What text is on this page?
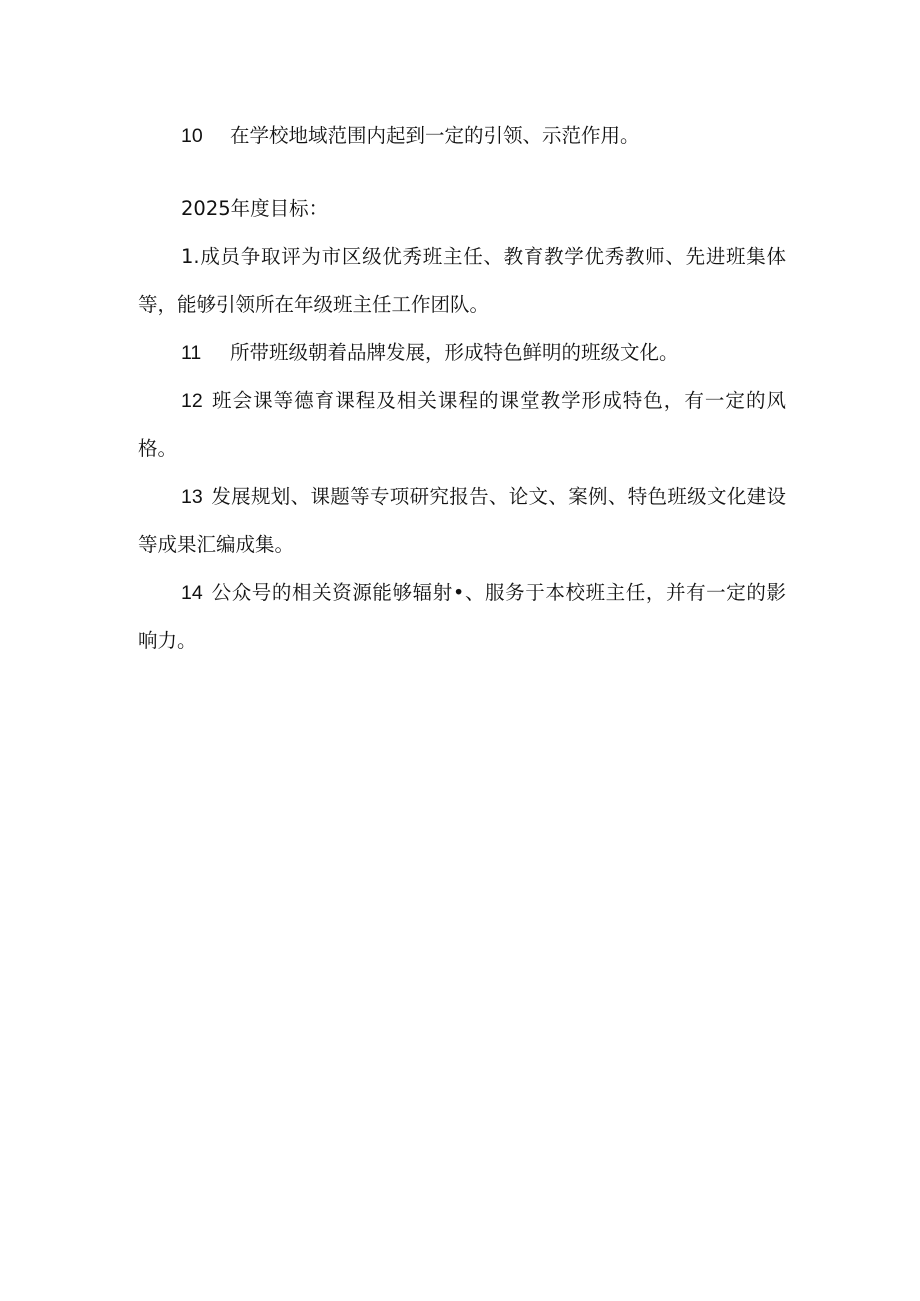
10 在学校地域范围内起到一定的引领、示范作用。

2025年度目标：

1.成员争取评为市区级优秀班主任、教育教学优秀教师、先进班集体等，能够引领所在年级班主任工作团队。

11 所带班级朝着品牌发展，形成特色鲜明的班级文化。

12 班会课等德育课程及相关课程的课堂教学形成特色，有一定的风格。

13 发展规划、课题等专项研究报告、论文、案例、特色班级文化建设等成果汇编成集。

14 公众号的相关资源能够辐射•、服务于本校班主任，并有一定的影响力。
